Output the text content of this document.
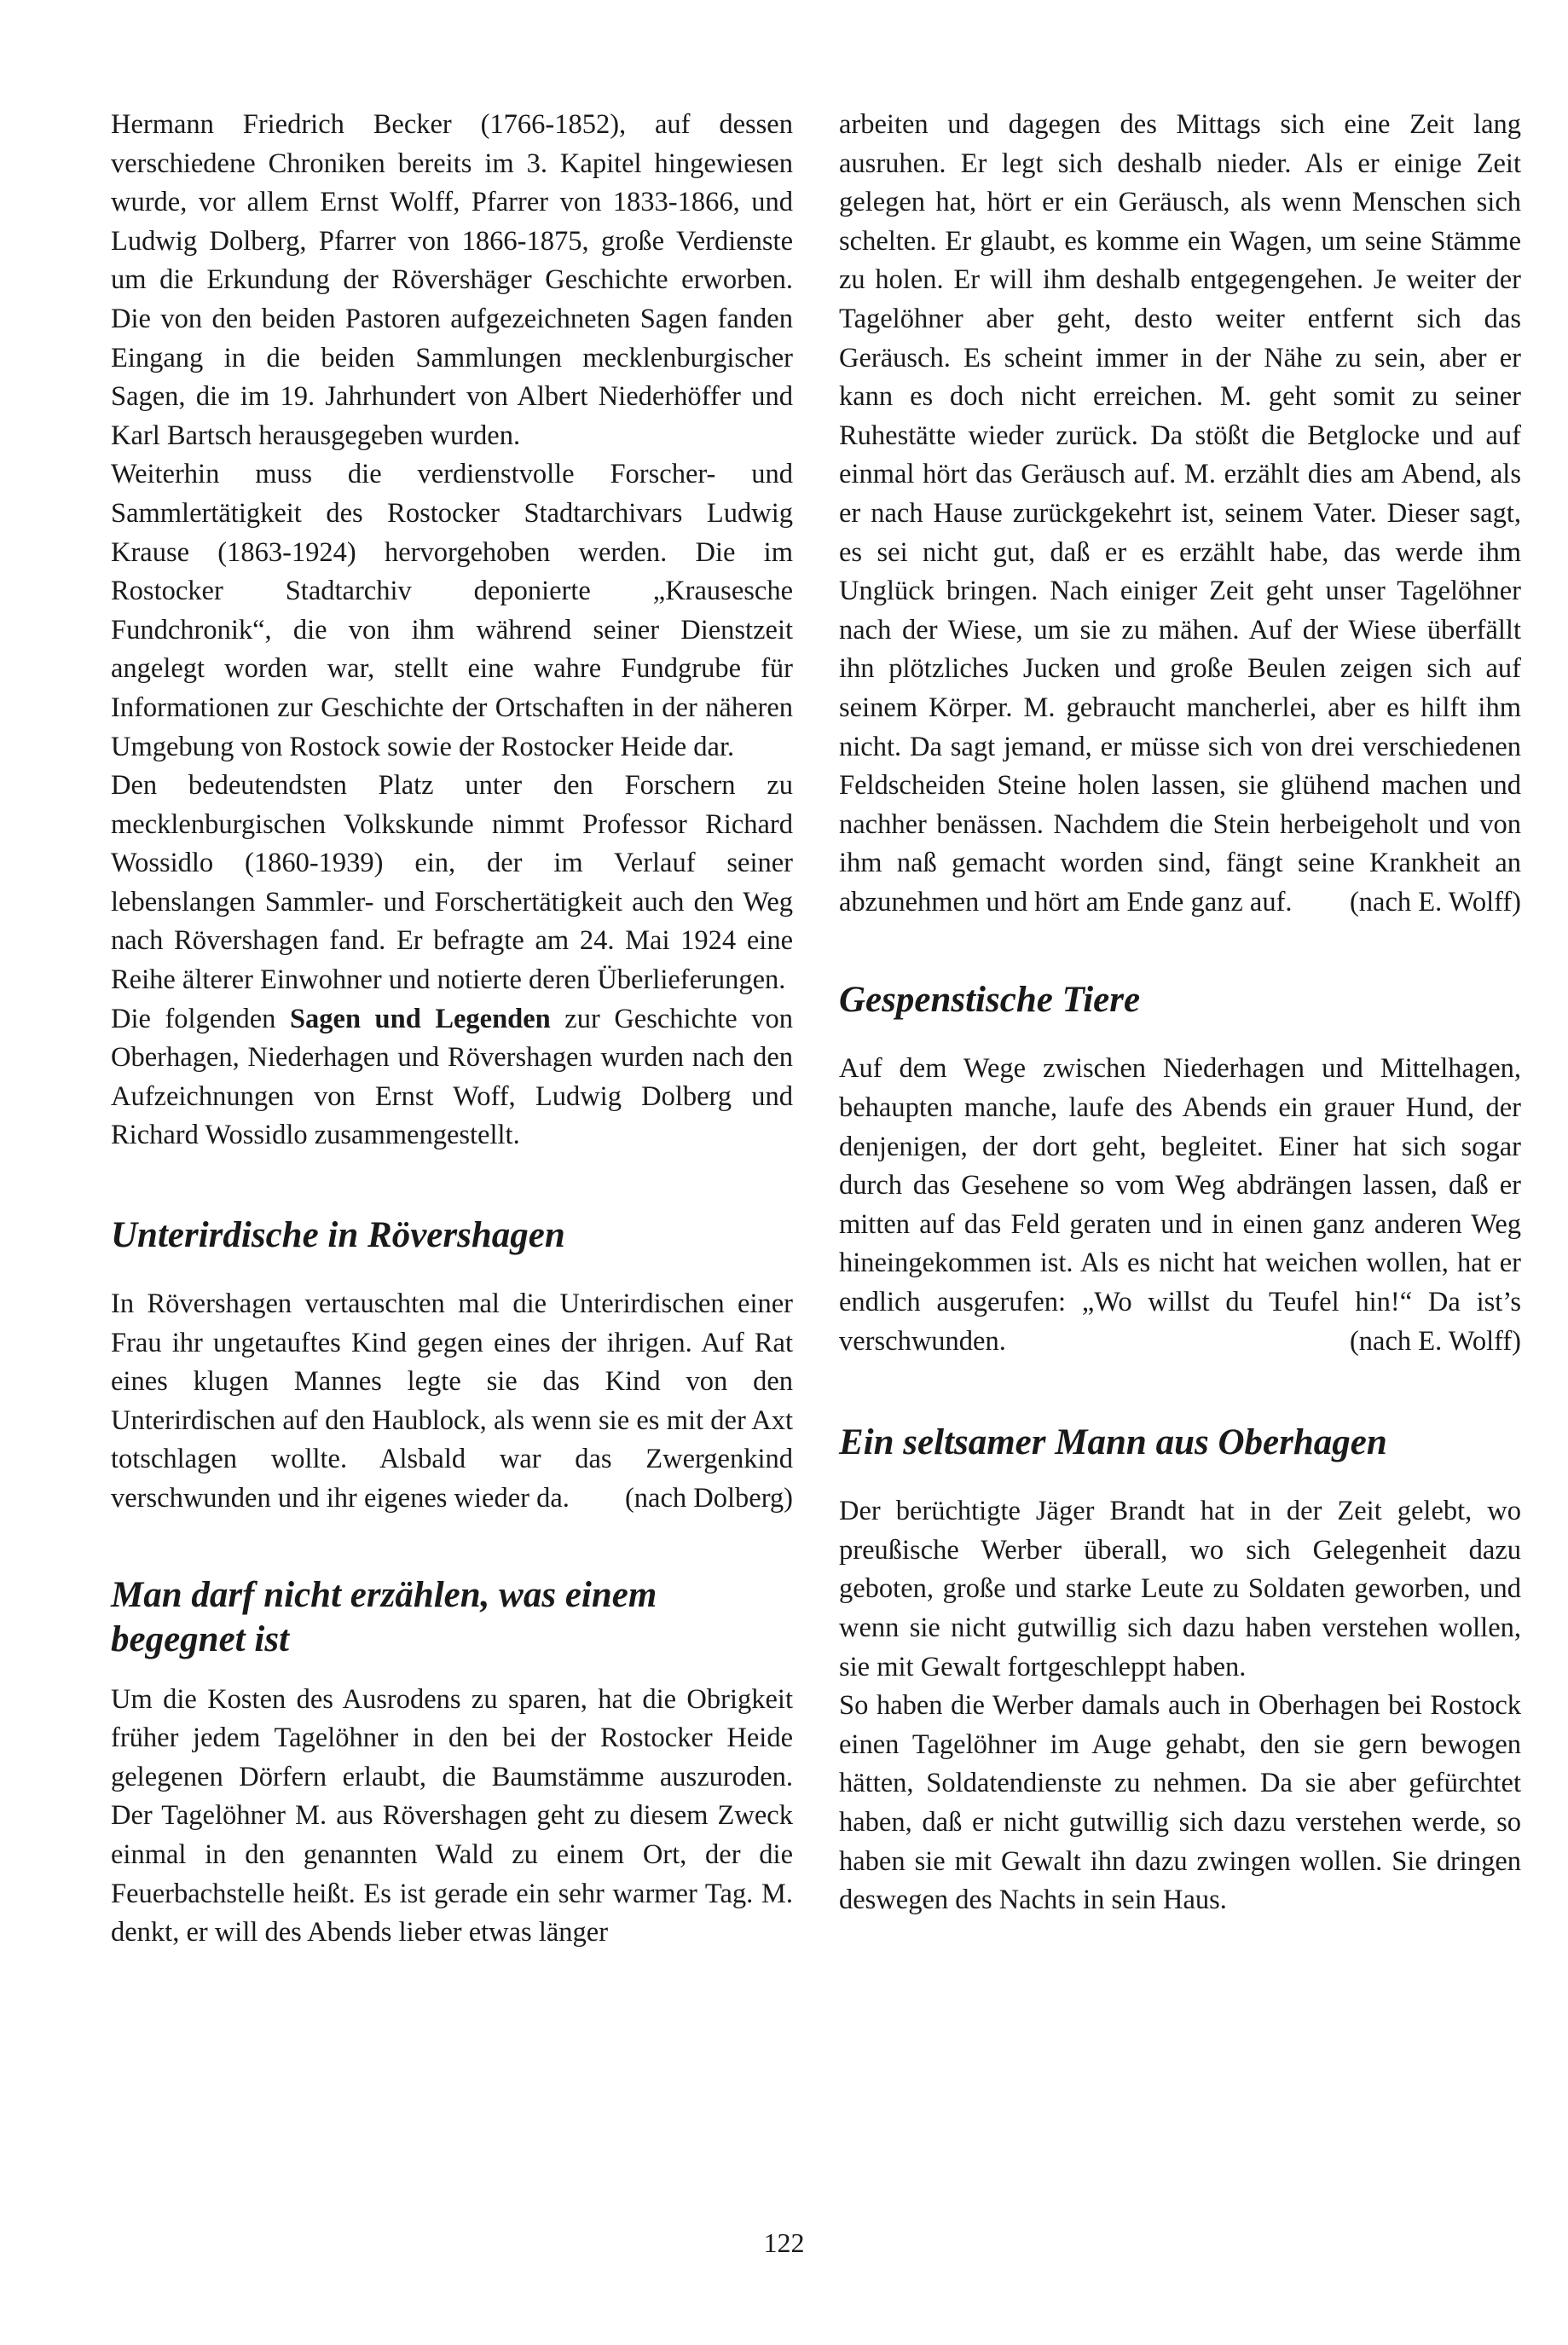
Hermann Friedrich Becker (1766-1852), auf dessen verschiedene Chroniken bereits im 3. Kapitel hingewiesen wurde, vor allem Ernst Wolff, Pfarrer von 1833-1866, und Ludwig Dolberg, Pfarrer von 1866-1875, große Verdienste um die Erkundung der Rövershäger Geschichte erworben. Die von den beiden Pastoren aufgezeichneten Sagen fanden Eingang in die beiden Sammlungen mecklenburgischer Sagen, die im 19. Jahrhundert von Albert Niederhöffer und Karl Bartsch herausgegeben wurden.

Weiterhin muss die verdienstvolle Forscher- und Sammlertätigkeit des Rostocker Stadtarchivars Ludwig Krause (1863-1924) hervorgehoben werden. Die im Rostocker Stadtarchiv deponierte „Krausesche Fundchronik“, die von ihm während seiner Dienstzeit angelegt worden war, stellt eine wahre Fundgrube für Informationen zur Geschichte der Ortschaften in der näheren Umgebung von Rostock sowie der Rostocker Heide dar.

Den bedeutendsten Platz unter den Forschern zu mecklenburgischen Volkskunde nimmt Professor Richard Wossidlo (1860-1939) ein, der im Verlauf seiner lebenslangen Sammler- und Forschertätigkeit auch den Weg nach Rövershagen fand. Er befragte am 24. Mai 1924 eine Reihe älterer Einwohner und notierte deren Überlieferungen.

Die folgenden Sagen und Legenden zur Geschichte von Oberhagen, Niederhagen und Rövershagen wurden nach den Aufzeichnungen von Ernst Woff, Ludwig Dolberg und Richard Wossidlo zusammengestellt.

Unterirdische in Rövershagen

In Rövershagen vertauschten mal die Unterirdischen einer Frau ihr ungetauftes Kind gegen eines der ihrigen. Auf Rat eines klugen Mannes legte sie das Kind von den Unterirdischen auf den Haublock, als wenn sie es mit der Axt totschlagen wollte. Alsbald war das Zwergenkind verschwunden und ihr eigenes wieder da. (nach Dolberg)

Man darf nicht erzählen, was einem begegnet ist

Um die Kosten des Ausrodens zu sparen, hat die Obrigkeit früher jedem Tagelöhner in den bei der Rostocker Heide gelegenen Dörfern erlaubt, die Baumstämme auszuroden. Der Tagelöhner M. aus Rövershagen geht zu diesem Zweck einmal in den genannten Wald zu einem Ort, der die Feuerbachstelle heißt. Es ist gerade ein sehr warmer Tag. M. denkt, er will des Abends lieber etwas länger

arbeiten und dagegen des Mittags sich eine Zeit lang ausruhen. Er legt sich deshalb nieder. Als er einige Zeit gelegen hat, hört er ein Geräusch, als wenn Menschen sich schelten. Er glaubt, es komme ein Wagen, um seine Stämme zu holen. Er will ihm deshalb entgegengehen. Je weiter der Tagelöhner aber geht, desto weiter entfernt sich das Geräusch. Es scheint immer in der Nähe zu sein, aber er kann es doch nicht erreichen. M. geht somit zu seiner Ruhestätte wieder zurück. Da stößt die Betglocke und auf einmal hört das Geräusch auf. M. erzählt dies am Abend, als er nach Hause zurückgekehrt ist, seinem Vater. Dieser sagt, es sei nicht gut, daß er es erzählt habe, das werde ihm Unglück bringen. Nach einiger Zeit geht unser Tagelöhner nach der Wiese, um sie zu mähen. Auf der Wiese überfällt ihn plötzliches Jucken und große Beulen zeigen sich auf seinem Körper. M. gebraucht mancherlei, aber es hilft ihm nicht. Da sagt jemand, er müsse sich von drei verschiedenen Feldscheiden Steine holen lassen, sie glühend machen und nachher benässen. Nachdem die Stein herbeigeholt und von ihm naß gemacht worden sind, fängt seine Krankheit an abzunehmen und hört am Ende ganz auf. (nach E. Wolff)

Gespenstische Tiere

Auf dem Wege zwischen Niederhagen und Mittelhagen, behaupten manche, laufe des Abends ein grauer Hund, der denjenigen, der dort geht, begleitet. Einer hat sich sogar durch das Gesehene so vom Weg abdrängen lassen, daß er mitten auf das Feld geraten und in einen ganz anderen Weg hineingekommen ist. Als es nicht hat weichen wollen, hat er endlich ausgerufen: „Wo willst du Teufel hin!“ Da ist’s verschwunden.	(nach E. Wolff)

Ein seltsamer Mann aus Oberhagen

Der berüchtigte Jäger Brandt hat in der Zeit gelebt, wo preußische Werber überall, wo sich Gelegenheit dazu geboten, große und starke Leute zu Soldaten geworben, und wenn sie nicht gutwillig sich dazu haben verstehen wollen, sie mit Gewalt fortgeschleppt haben.

So haben die Werber damals auch in Oberhagen bei Rostock einen Tagelöhner im Auge gehabt, den sie gern bewogen hätten, Soldatendienste zu nehmen. Da sie aber gefürchtet haben, daß er nicht gutwillig sich dazu verstehen werde, so haben sie mit Gewalt ihn dazu zwingen wollen. Sie dringen deswegen des Nachts in sein Haus.

122
